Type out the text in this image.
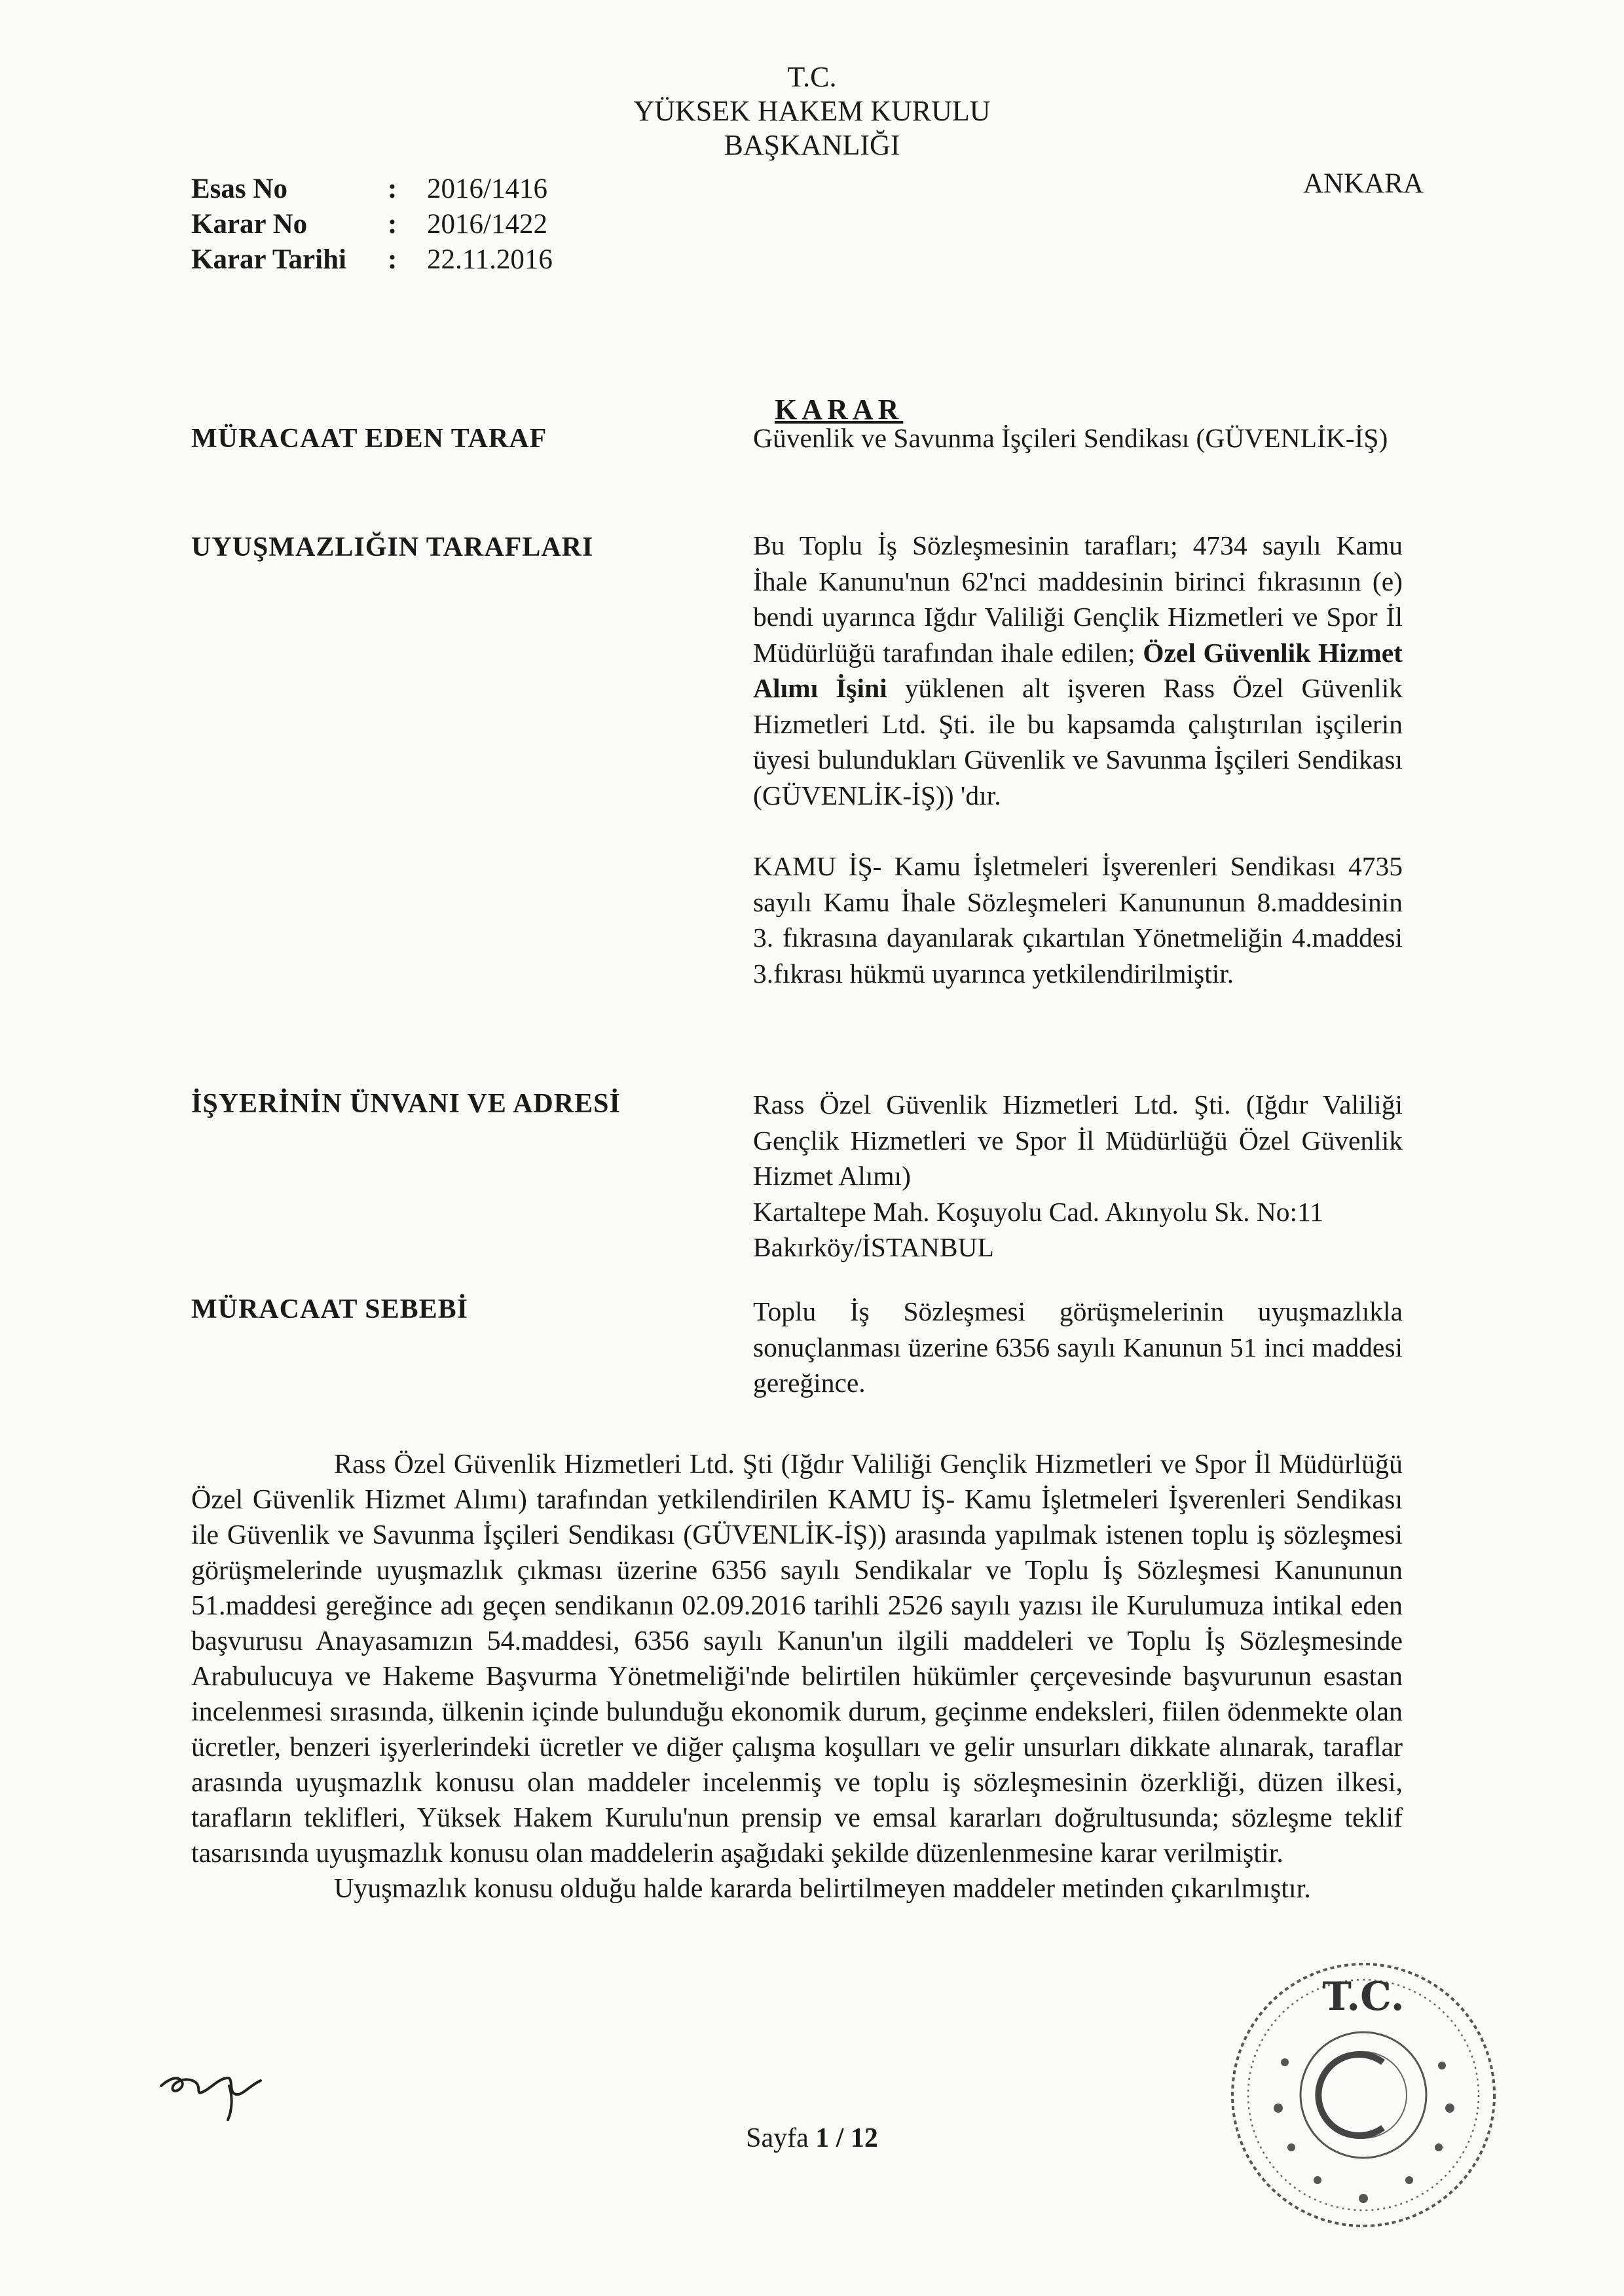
T.C.
YÜKSEK HAKEM KURULU
BAŞKANLIĞI
Esas No	:	2016/1416
Karar No	:	2016/1422
Karar Tarihi	:	22.11.2016
ANKARA
KARAR
MÜRACAAT EDEN TARAF	Güvenlik ve Savunma İşçileri Sendikası (GÜVENLİK-İŞ)

UYUŞMAZLIĞIN TARAFLARI	Bu Toplu İş Sözleşmesinin tarafları; 4734 sayılı Kamu İhale Kanunu'nun 62'nci maddesinin birinci fıkrasının (e) bendi uyarınca Iğdır Valiliği Gençlik Hizmetleri ve Spor İl Müdürlüğü tarafından ihale edilen; Özel Güvenlik Hizmet Alımı İşini yüklenen alt işveren Rass Özel Güvenlik Hizmetleri Ltd. Şti. ile bu kapsamda çalıştırılan işçilerin üyesi bulundukları Güvenlik ve Savunma İşçileri Sendikası (GÜVENLİK-İŞ)) 'dır.

KAMU İŞ- Kamu İşletmeleri İşverenleri Sendikası 4735 sayılı Kamu İhale Sözleşmeleri Kanununun 8.maddesinin 3. fıkrasına dayanılarak çıkartılan Yönetmeliğin 4.maddesi 3.fıkrası hükmü uyarınca yetkilendirilmiştir.

İŞYERİNİN ÜNVANI VE ADRESİ	Rass Özel Güvenlik Hizmetleri Ltd. Şti. (Iğdır Valiliği Gençlik Hizmetleri ve Spor İl Müdürlüğü Özel Güvenlik Hizmet Alımı)

Kartaltepe Mah. Koşuyolu Cad. Akınyolu Sk. No:11

Bakırköy/İSTANBUL

MÜRACAAT SEBEBİ	Toplu İş Sözleşmesi görüşmelerinin uyuşmazlıkla sonuçlanması üzerine 6356 sayılı Kanunun 51 inci maddesi gereğince.

Rass Özel Güvenlik Hizmetleri Ltd. Şti (Iğdır Valiliği Gençlik Hizmetleri ve Spor İl Müdürlüğü Özel Güvenlik Hizmet Alımı) tarafından yetkilendirilen KAMU İŞ- Kamu İşletmeleri İşverenleri Sendikası ile Güvenlik ve Savunma İşçileri Sendikası (GÜVENLİK-İŞ)) arasında yapılmak istenen toplu iş sözleşmesi görüşmelerinde uyuşmazlık çıkması üzerine 6356 sayılı Sendikalar ve Toplu İş Sözleşmesi Kanununun 51.maddesi gereğince adı geçen sendikanın 02.09.2016 tarihli 2526 sayılı yazısı ile Kurulumuza intikal eden başvurusu Anayasamızın 54.maddesi, 6356 sayılı Kanun'un ilgili maddeleri ve Toplu İş Sözleşmesinde Arabulucuya ve Hakeme Başvurma Yönetmeliği'nde belirtilen hükümler çerçevesinde başvurunun esastan incelenmesi sırasında, ülkenin içinde bulunduğu ekonomik durum, geçinme endeksleri, fiilen ödenmekte olan ücretler, benzeri işyerlerindeki ücretler ve diğer çalışma koşulları ve gelir unsurları dikkate alınarak, taraflar arasında uyuşmazlık konusu olan maddeler incelenmiş ve toplu iş sözleşmesinin özerkliği, düzen ilkesi, tarafların teklifleri, Yüksek Hakem Kurulu'nun prensip ve emsal kararları doğrultusunda; sözleşme teklif tasarısında uyuşmazlık konusu olan maddelerin aşağıdaki şekilde düzenlenmesine karar verilmiştir.

Uyuşmazlık konusu olduğu halde kararda belirtilmeyen maddeler metinden çıkarılmıştır.

T.C.
Sayfa 1 / 12
